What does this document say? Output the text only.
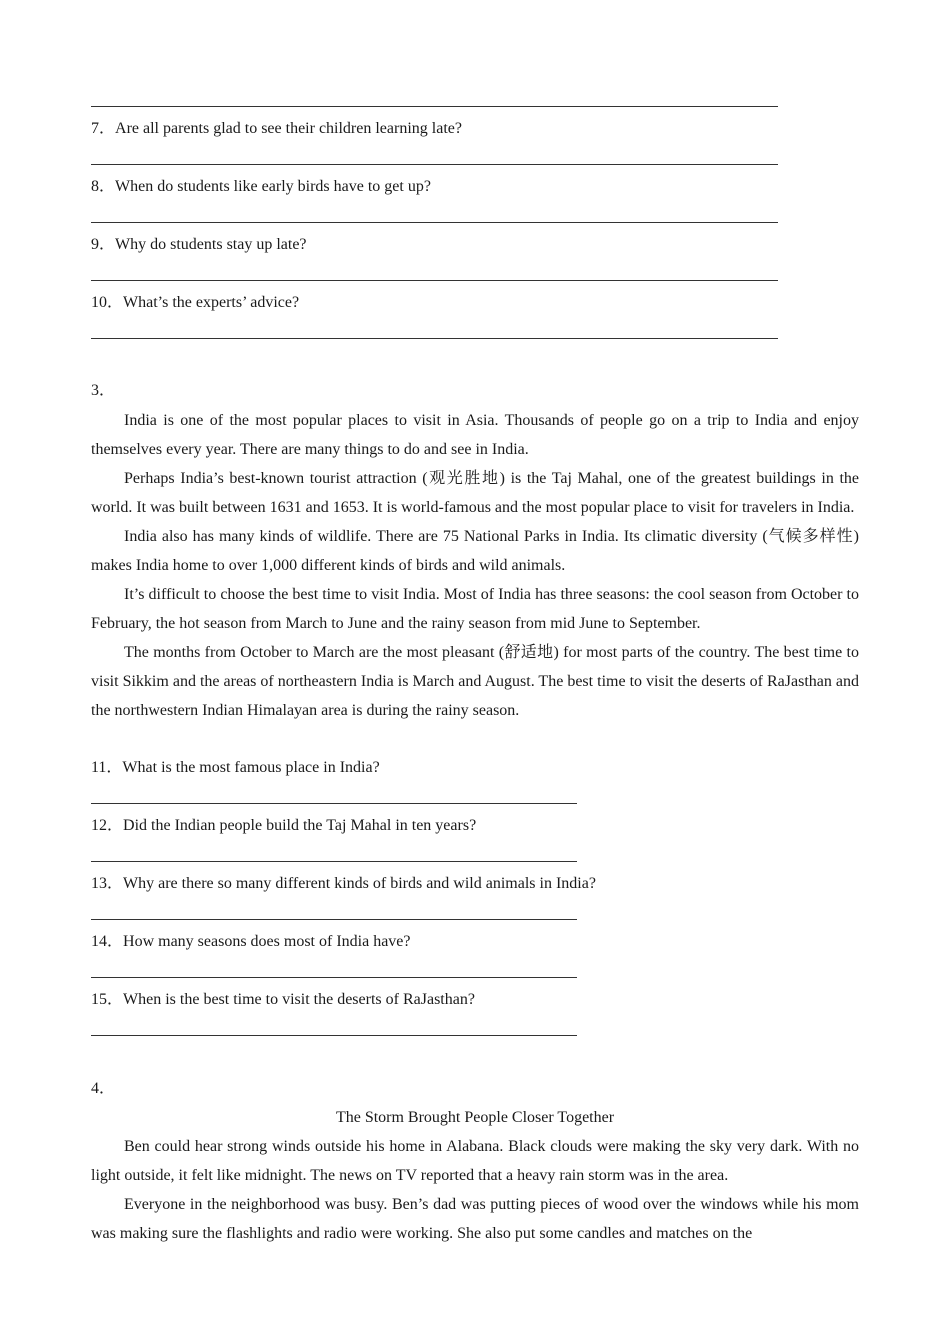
7．Are all parents glad to see their children learning late?
8．When do students like early birds have to get up?
9．Why do students stay up late?
10．What’s the experts’ advice?
3．
India is one of the most popular places to visit in Asia. Thousands of people go on a trip to India and enjoy themselves every year. There are many things to do and see in India.
Perhaps India’s best-known tourist attraction (观光胜地) is the Taj Mahal, one of the greatest buildings in the world. It was built between 1631 and 1653. It is world-famous and the most popular place to visit for travelers in India.
India also has many kinds of wildlife. There are 75 National Parks in India. Its climatic diversity (气候多样性) makes India home to over 1,000 different kinds of birds and wild animals.
It’s difficult to choose the best time to visit India. Most of India has three seasons: the cool season from October to February, the hot season from March to June and the rainy season from mid June to September.
The months from October to March are the most pleasant (舒适地) for most parts of the country. The best time to visit Sikkim and the areas of northeastern India is March and August. The best time to visit the deserts of RaJasthan and the northwestern Indian Himalayan area is during the rainy season.
11．What is the most famous place in India?
12．Did the Indian people build the Taj Mahal in ten years?
13．Why are there so many different kinds of birds and wild animals in India?
14．How many seasons does most of India have?
15．When is the best time to visit the deserts of RaJasthan?
4．
The Storm Brought People Closer Together
Ben could hear strong winds outside his home in Alabana. Black clouds were making the sky very dark. With no light outside, it felt like midnight. The news on TV reported that a heavy rain storm was in the area.
Everyone in the neighborhood was busy. Ben’s dad was putting pieces of wood over the windows while his mom was making sure the flashlights and radio were working. She also put some candles and matches on the
